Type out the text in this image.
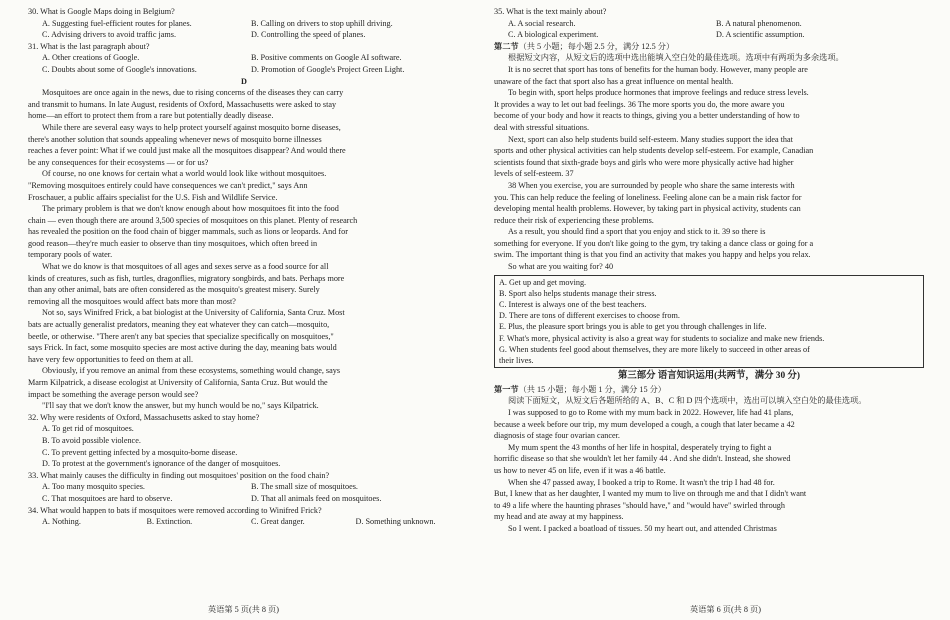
30. What is Google Maps doing in Belgium?
A. Suggesting fuel-efficient routes for planes.	B. Calling on drivers to stop uphill driving.
C. Advising drivers to avoid traffic jams.	D. Controlling the speed of planes.
31. What is the last paragraph about?
A. Other creations of Google.	B. Positive comments on Google AI software.
C. Doubts about some of Google's innovations.	D. Promotion of Google's Project Green Light.
D
Mosquitoes are once again in the news, due to rising concerns of the diseases they can carry
and transmit to humans. In late August, residents of Oxford, Massachusetts were asked to stay
home—an effort to protect them from a rare but potentially deadly disease.
While there are several easy ways to help protect yourself against mosquito borne diseases,
there's another solution that sounds appealing whenever news of mosquito borne illnesses
reaches a fever point: What if we could just make all the mosquitoes disappear? And would there
be any consequences for their ecosystems — or for us?
Of course, no one knows for certain what a world would look like without mosquitoes.
"Removing mosquitoes entirely could have consequences we can't predict," says Ann
Froschauer, a public affairs specialist for the U.S. Fish and Wildlife Service.
The primary problem is that we don't know enough about how mosquitoes fit into the food
chain — even though there are around 3,500 species of mosquitoes on this planet. Plenty of research
has revealed the position on the food chain of bigger mammals, such as lions or leopards. And for
good reason—they're much easier to observe than tiny mosquitoes, which often breed in
temporary pools of water.
What we do know is that mosquitoes of all ages and sexes serve as a food source for all
kinds of creatures, such as fish, turtles, dragonflies, migratory songbirds, and bats. Perhaps more
than any other animal, bats are often considered as the mosquito's greatest misery. Surely
removing all the mosquitoes would affect bats more than most?
Not so, says Winifred Frick, a bat biologist at the University of California, Santa Cruz. Most
bats are actually generalist predators, meaning they eat whatever they can catch—mosquito,
beetle, or otherwise. "There aren't any bat species that specialize specifically on mosquitoes,"
says Frick. In fact, some mosquito species are most active during the day, meaning bats would
have very few opportunities to feed on them at all.
Obviously, if you remove an animal from these ecosystems, something would change, says
Marm Kilpatrick, a disease ecologist at University of California, Santa Cruz. But would the
impact be something the average person would see?
"I'll say that we don't know the answer, but my hunch would be no," says Kilpatrick.
32. Why were residents of Oxford, Massachusetts asked to stay home?
A. To get rid of mosquitoes.
B. To avoid possible violence.
C. To prevent getting infected by a mosquito-borne disease.
D. To protest at the government's ignorance of the danger of mosquitoes.
33. What mainly causes the difficulty in finding out mosquitoes' position on the food chain?
A. Too many mosquito species.	B. The small size of mosquitoes.
C. That mosquitoes are hard to observe.	D. That all animals feed on mosquitoes.
34. What would happen to bats if mosquitoes were removed according to Winifred Frick?
A. Nothing.	B. Extinction.	C. Great danger.	D. Something unknown.
35. What is the text mainly about?
A. A social research.	B. A natural phenomenon.
C. A biological experiment.	D. A scientific assumption.
第二节（共 5 小题；每小题 2.5 分，满分 12.5 分）
根据短文内容，从短文后的选项中选出能填入空白处的最佳选项。选项中有两项为多余选项。
It is no secret that sport has tons of benefits for the human body. However, many people are
unaware of the fact that sport also has a great influence on mental health.
To begin with, sport helps produce hormones that improve feelings and reduce stress levels.
It provides a way to let out bad feelings. 36 The more sports you do, the more aware you
become of your body and how it reacts to things, giving you a better understanding of how to
deal with stressful situations.
Next, sport can also help students build self-esteem. Many studies support the idea that
sports and other physical activities can help students develop self-esteem. For example, Canadian
scientists found that sixth-grade boys and girls who were more physically active had higher
levels of self-esteem. 37
38 When you exercise, you are surrounded by people who share the same interests with
you. This can help reduce the feeling of loneliness. Feeling alone can be a main risk factor for
developing mental health problems. However, by taking part in physical activity, students can
reduce their risk of experiencing these problems.
As a result, you should find a sport that you enjoy and stick to it. 39 so there is
something for everyone. If you don't like going to the gym, try taking a dance class or going for a
swim. The important thing is that you find an activity that makes you happy and helps you relax.
So what are you waiting for? 40
A. Get up and get moving.
B. Sport also helps students manage their stress.
C. Interest is always one of the best teachers.
D. There are tons of different exercises to choose from.
E. Plus, the pleasure sport brings you is able to get you through challenges in life.
F. What's more, physical activity is also a great way for students to socialize and make new friends.
G. When students feel good about themselves, they are more likely to succeed in other areas of
their lives.
第三部分 语言知识运用(共两节，满分 30 分)
第一节（共 15 小题；每小题 1 分，满分 15 分）
阅读下面短文，从短文后各题所给的 A、B、C 和 D 四个选项中，选出可以填入空白处的最佳选项。
I was supposed to go to Rome with my mum back in 2022. However, life had 41 plans,
because a week before our trip, my mum developed a cough, a cough that later became a 42
diagnosis of stage four ovarian cancer.
My mum spent the 43 months of her life in hospital, desperately trying to fight a
horrific disease so that she wouldn't let her family 44 . And she didn't. Instead, she showed
us how to never 45 on life, even if it was a 46 battle.
When she 47 passed away, I booked a trip to Rome. It wasn't the trip I had 48 for.
But, I knew that as her daughter, I wanted my mum to live on through me and that I didn't want
to 49 a life where the haunting phrases "should have," and "would have" swirled through
my head and ate away at my happiness.
So I went. I packed a boatload of tissues. 50 my heart out, and attended Christmas
英语第 5 页(共 8 页)	英语第 6 页(共 8 页)
